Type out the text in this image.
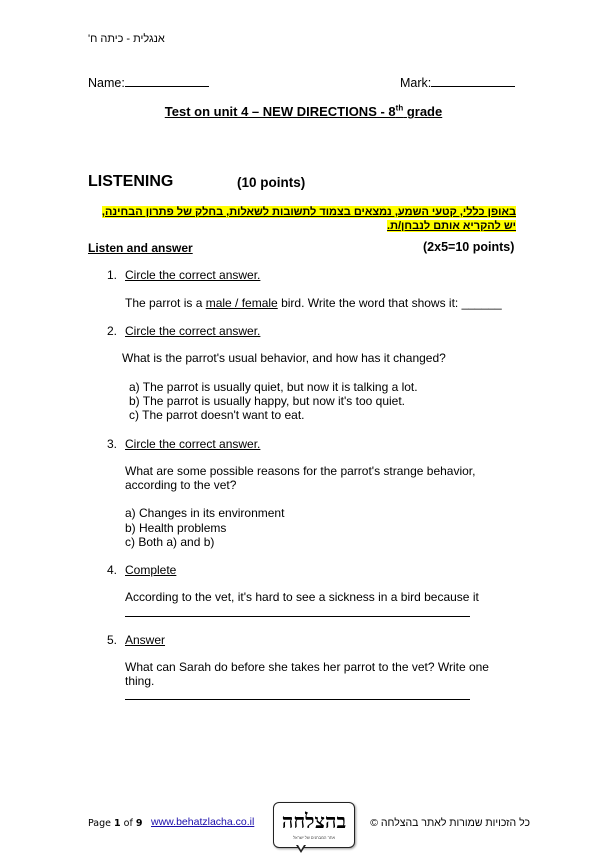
אנגלית - כיתה ח'
Name:	Mark:
Test on unit 4 – NEW DIRECTIONS - 8th grade
LISTENING	(10 points)
באופן כללי, קטעי השמע, נמצאים בצמוד לתשובות לשאלות, בחלק של פתרון הבחינה,
יש להקריא אותם לנבחן/ת.
Listen and answer	(2x5=10 points)
1. Circle the correct answer.
The parrot is a male / female bird. Write the word that shows it: ______
2. Circle the correct answer.
What is the parrot's usual behavior, and how has it changed?
a) The parrot is usually quiet, but now it is talking a lot.
b) The parrot is usually happy, but now it's too quiet.
c) The parrot doesn't want to eat.
3. Circle the correct answer.
What are some possible reasons for the parrot's strange behavior,
according to the vet?
a) Changes in its environment
b) Health problems
c) Both a) and b)
4. Complete
According to the vet, it's hard to see a sickness in a bird because it
5. Answer
What can Sarah do before she takes her parrot to the vet? Write one
thing.
Page 1 of 9 www.behatzlacha.co.il	בהצלחה
אתר המבחנים של ישראל
כל הזכויות שמורות לאתר בהצלחה ©
